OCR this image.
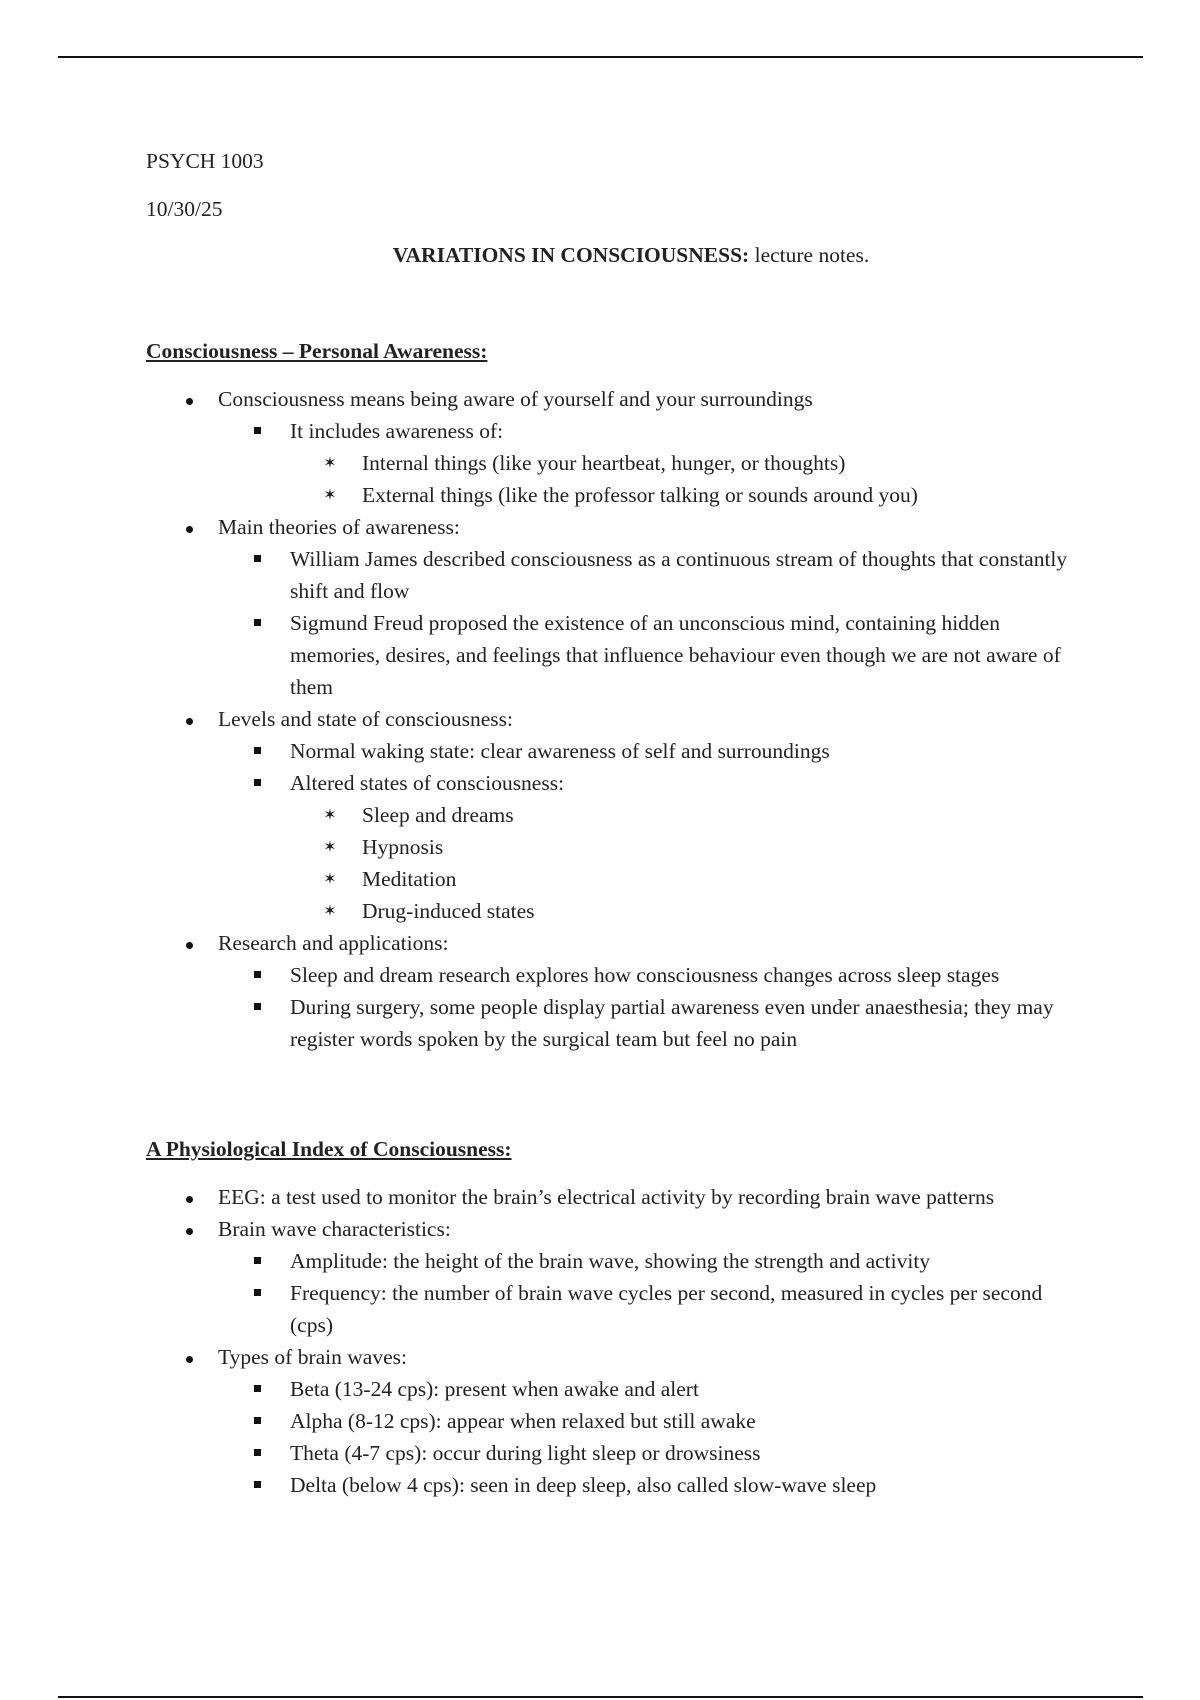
PSYCH 1003

10/30/25

VARIATIONS IN CONSCIOUSNESS: lecture notes.

Consciousness – Personal Awareness:

Consciousness means being aware of yourself and your surroundings
It includes awareness of:
✶ Internal things (like your heartbeat, hunger, or thoughts)
✶ External things (like the professor talking or sounds around you)
Main theories of awareness:
William James described consciousness as a continuous stream of thoughts that constantly shift and flow
Sigmund Freud proposed the existence of an unconscious mind, containing hidden memories, desires, and feelings that influence behaviour even though we are not aware of them
Levels and state of consciousness:
Normal waking state: clear awareness of self and surroundings
Altered states of consciousness:
✶ Sleep and dreams
✶ Hypnosis
✶ Meditation
✶ Drug-induced states
Research and applications:
Sleep and dream research explores how consciousness changes across sleep stages
During surgery, some people display partial awareness even under anaesthesia; they may register words spoken by the surgical team but feel no pain

A Physiological Index of Consciousness:

EEG: a test used to monitor the brain’s electrical activity by recording brain wave patterns
Brain wave characteristics:
Amplitude: the height of the brain wave, showing the strength and activity
Frequency: the number of brain wave cycles per second, measured in cycles per second (cps)
Types of brain waves:
Beta (13-24 cps): present when awake and alert
Alpha (8-12 cps): appear when relaxed but still awake
Theta (4-7 cps): occur during light sleep or drowsiness
Delta (below 4 cps): seen in deep sleep, also called slow-wave sleep
